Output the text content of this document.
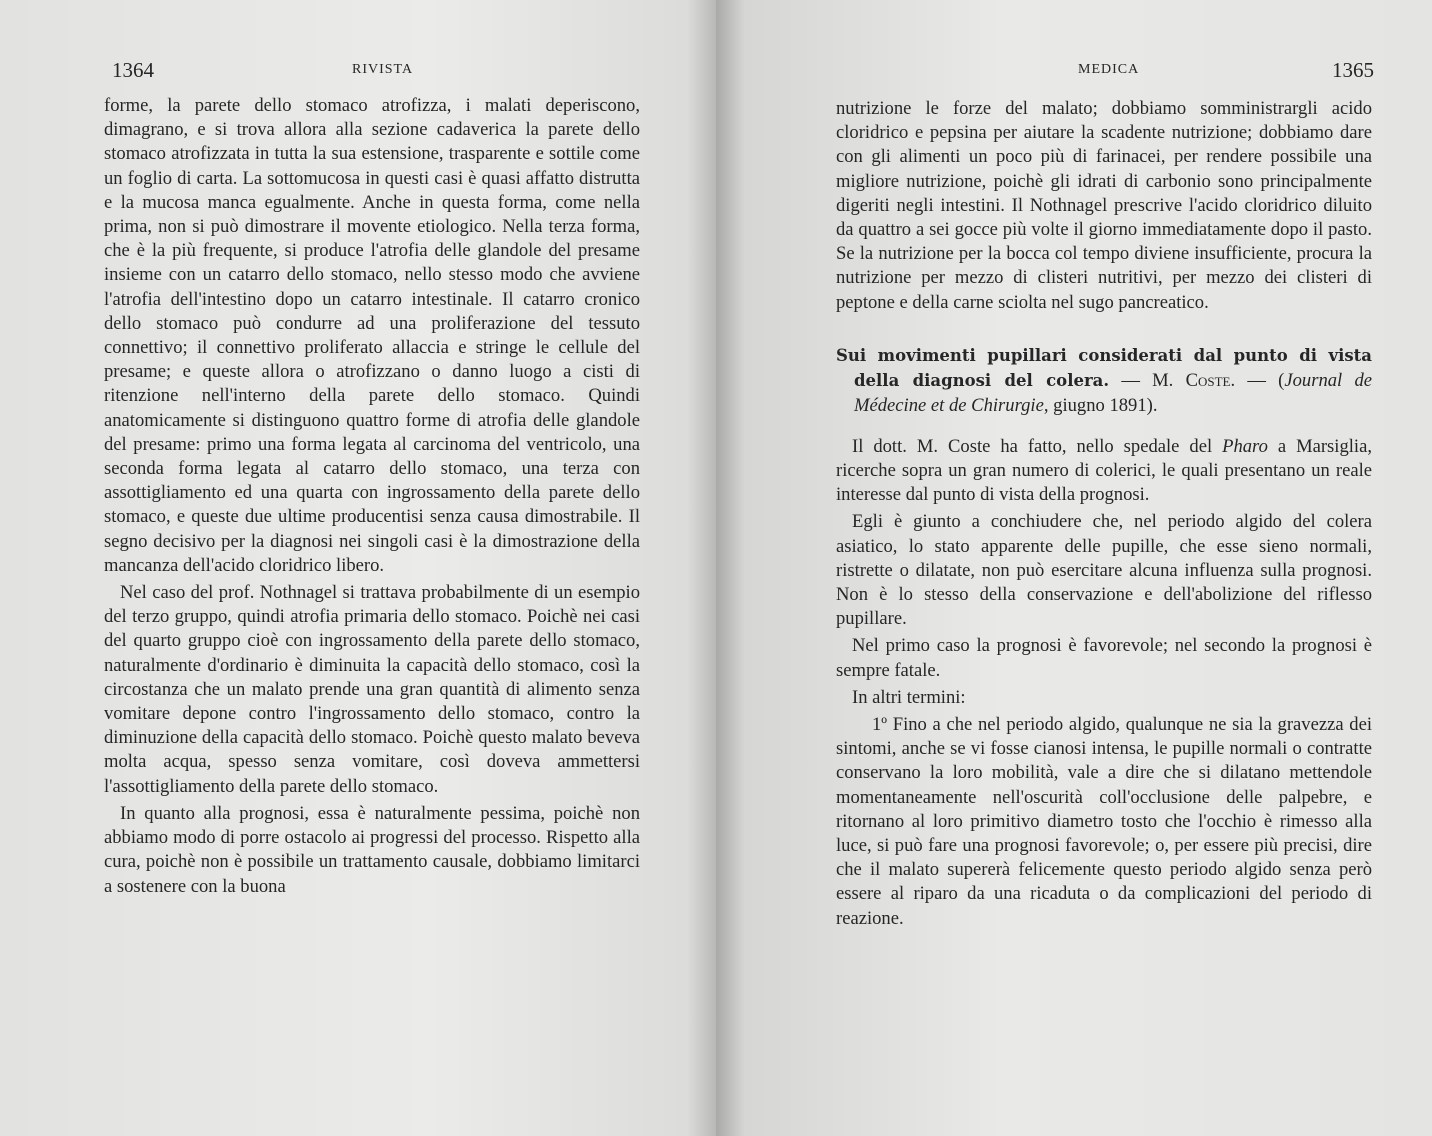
1364	RIVISTA

forme, la parete dello stomaco atrofizza, i malati deperiscono, dimagrano, e si trova allora alla sezione cadaverica la parete dello stomaco atrofizzata in tutta la sua estensione, trasparente e sottile come un foglio di carta. La sottomucosa in questi casi è quasi affatto distrutta e la mucosa manca egualmente. Anche in questa forma, come nella prima, non si può dimostrare il movente etiologico. Nella terza forma, che è la più frequente, si produce l'atrofia delle glandole del presame insieme con un catarro dello stomaco, nello stesso modo che avviene l'atrofia dell'intestino dopo un catarro intestinale. Il catarro cronico dello stomaco può condurre ad una proliferazione del tessuto connettivo; il connettivo proliferato allaccia e stringe le cellule del presame; e queste allora o atrofizzano o danno luogo a cisti di ritenzione nell'interno della parete dello stomaco. Quindi anatomicamente si distinguono quattro forme di atrofia delle glandole del presame: primo una forma legata al carcinoma del ventricolo, una seconda forma legata al catarro dello stomaco, una terza con assottigliamento ed una quarta con ingrossamento della parete dello stomaco, e queste due ultime producentisi senza causa dimostrabile. Il segno decisivo per la diagnosi nei singoli casi è la dimostrazione della mancanza dell'acido cloridrico libero.

Nel caso del prof. Nothnagel si trattava probabilmente di un esempio del terzo gruppo, quindi atrofia primaria dello stomaco. Poichè nei casi del quarto gruppo cioè con ingrossamento della parete dello stomaco, naturalmente d'ordinario è diminuita la capacità dello stomaco, così la circostanza che un malato prende una gran quantità di alimento senza vomitare depone contro l'ingrossamento dello stomaco, contro la diminuzione della capacità dello stomaco. Poichè questo malato beveva molta acqua, spesso senza vomitare, così doveva ammettersi l'assottigliamento della parete dello stomaco.

In quanto alla prognosi, essa è naturalmente pessima, poichè non abbiamo modo di porre ostacolo ai progressi del processo. Rispetto alla cura, poichè non è possibile un trattamento causale, dobbiamo limitarci a sostenere con la buona

MEDICA	1365

nutrizione le forze del malato; dobbiamo somministrargli acido cloridrico e pepsina per aiutare la scadente nutrizione; dobbiamo dare con gli alimenti un poco più di farinacei, per rendere possibile una migliore nutrizione, poichè gli idrati di carbonio sono principalmente digeriti negli intestini. Il Nothnagel prescrive l'acido cloridrico diluito da quattro a sei gocce più volte il giorno immediatamente dopo il pasto. Se la nutrizione per la bocca col tempo diviene insufficiente, procura la nutrizione per mezzo di clisteri nutritivi, per mezzo dei clisteri di peptone e della carne sciolta nel sugo pancreatico.

Sui movimenti pupillari considerati dal punto di vista della diagnosi del colera. — M. Coste. — (Journal de Médecine et de Chirurgie, giugno 1891).

Il dott. M. Coste ha fatto, nello spedale del Pharo a Marsiglia, ricerche sopra un gran numero di colerici, le quali presentano un reale interesse dal punto di vista della prognosi.

Egli è giunto a conchiudere che, nel periodo algido del colera asiatico, lo stato apparente delle pupille, che esse sieno normali, ristrette o dilatate, non può esercitare alcuna influenza sulla prognosi. Non è lo stesso della conservazione e dell'abolizione del riflesso pupillare.

Nel primo caso la prognosi è favorevole; nel secondo la prognosi è sempre fatale.

In altri termini:

1º Fino a che nel periodo algido, qualunque ne sia la gravezza dei sintomi, anche se vi fosse cianosi intensa, le pupille normali o contratte conservano la loro mobilità, vale a dire che si dilatano mettendole momentaneamente nell'oscurità coll'occlusione delle palpebre, e ritornano al loro primitivo diametro tosto che l'occhio è rimesso alla luce, si può fare una prognosi favorevole; o, per essere più precisi, dire che il malato supererà felicemente questo periodo algido senza però essere al riparo da una ricaduta o da complicazioni del periodo di reazione.
